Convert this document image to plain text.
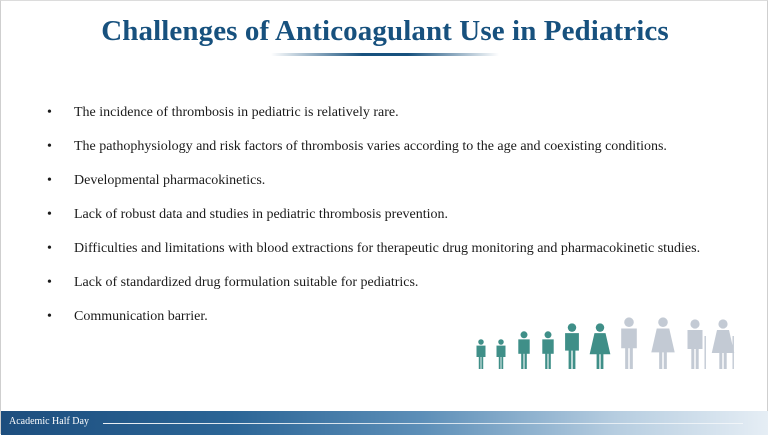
Challenges of Anticoagulant Use in Pediatrics
• The incidence of thrombosis in pediatric is relatively rare.
• The pathophysiology and risk factors of thrombosis varies according to the age and coexisting conditions.
• Developmental pharmacokinetics.
• Lack of robust data and studies in pediatric thrombosis prevention.
• Difficulties and limitations with blood extractions for therapeutic drug monitoring and pharmacokinetic studies.
• Lack of standardized drug formulation suitable for pediatrics.
• Communication barrier.
Academic Half Day
